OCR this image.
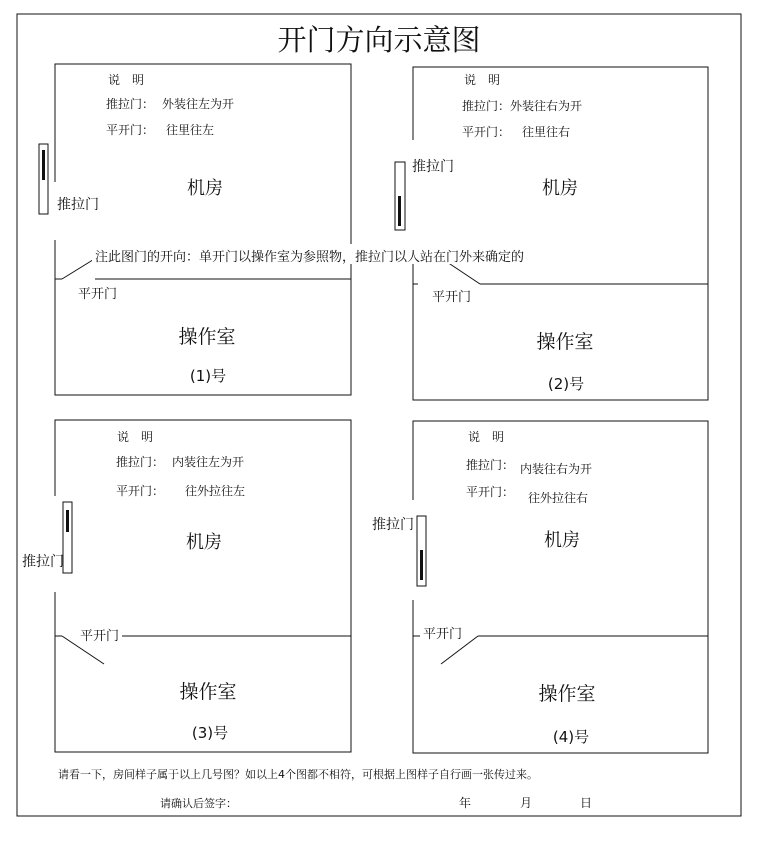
开门方向示意图
说　明
推拉门： 外装往左为开
平开门： 往里往左
机房
推拉门
平开门
操作室
(1)号
说　明
推拉门： 外装往右为开
平开门： 往里往右
机房
推拉门
平开门
操作室
(2)号
注此图门的开向：单开门以操作室为参照物，推拉门以人站在门外来确定的
说　明
推拉门： 内装往左为开
平开门： 往外拉往左
机房
推拉门
平开门
操作室
(3)号
说　明
推拉门： 内装往右为开
平开门： 往外拉往右
机房
推拉门
平开门
操作室
(4)号
请看一下，房间样子属于以上几号图？如以上4个图都不相符，可根据上图样子自行画一张传过来。
请确认后签字：	年	月	日
